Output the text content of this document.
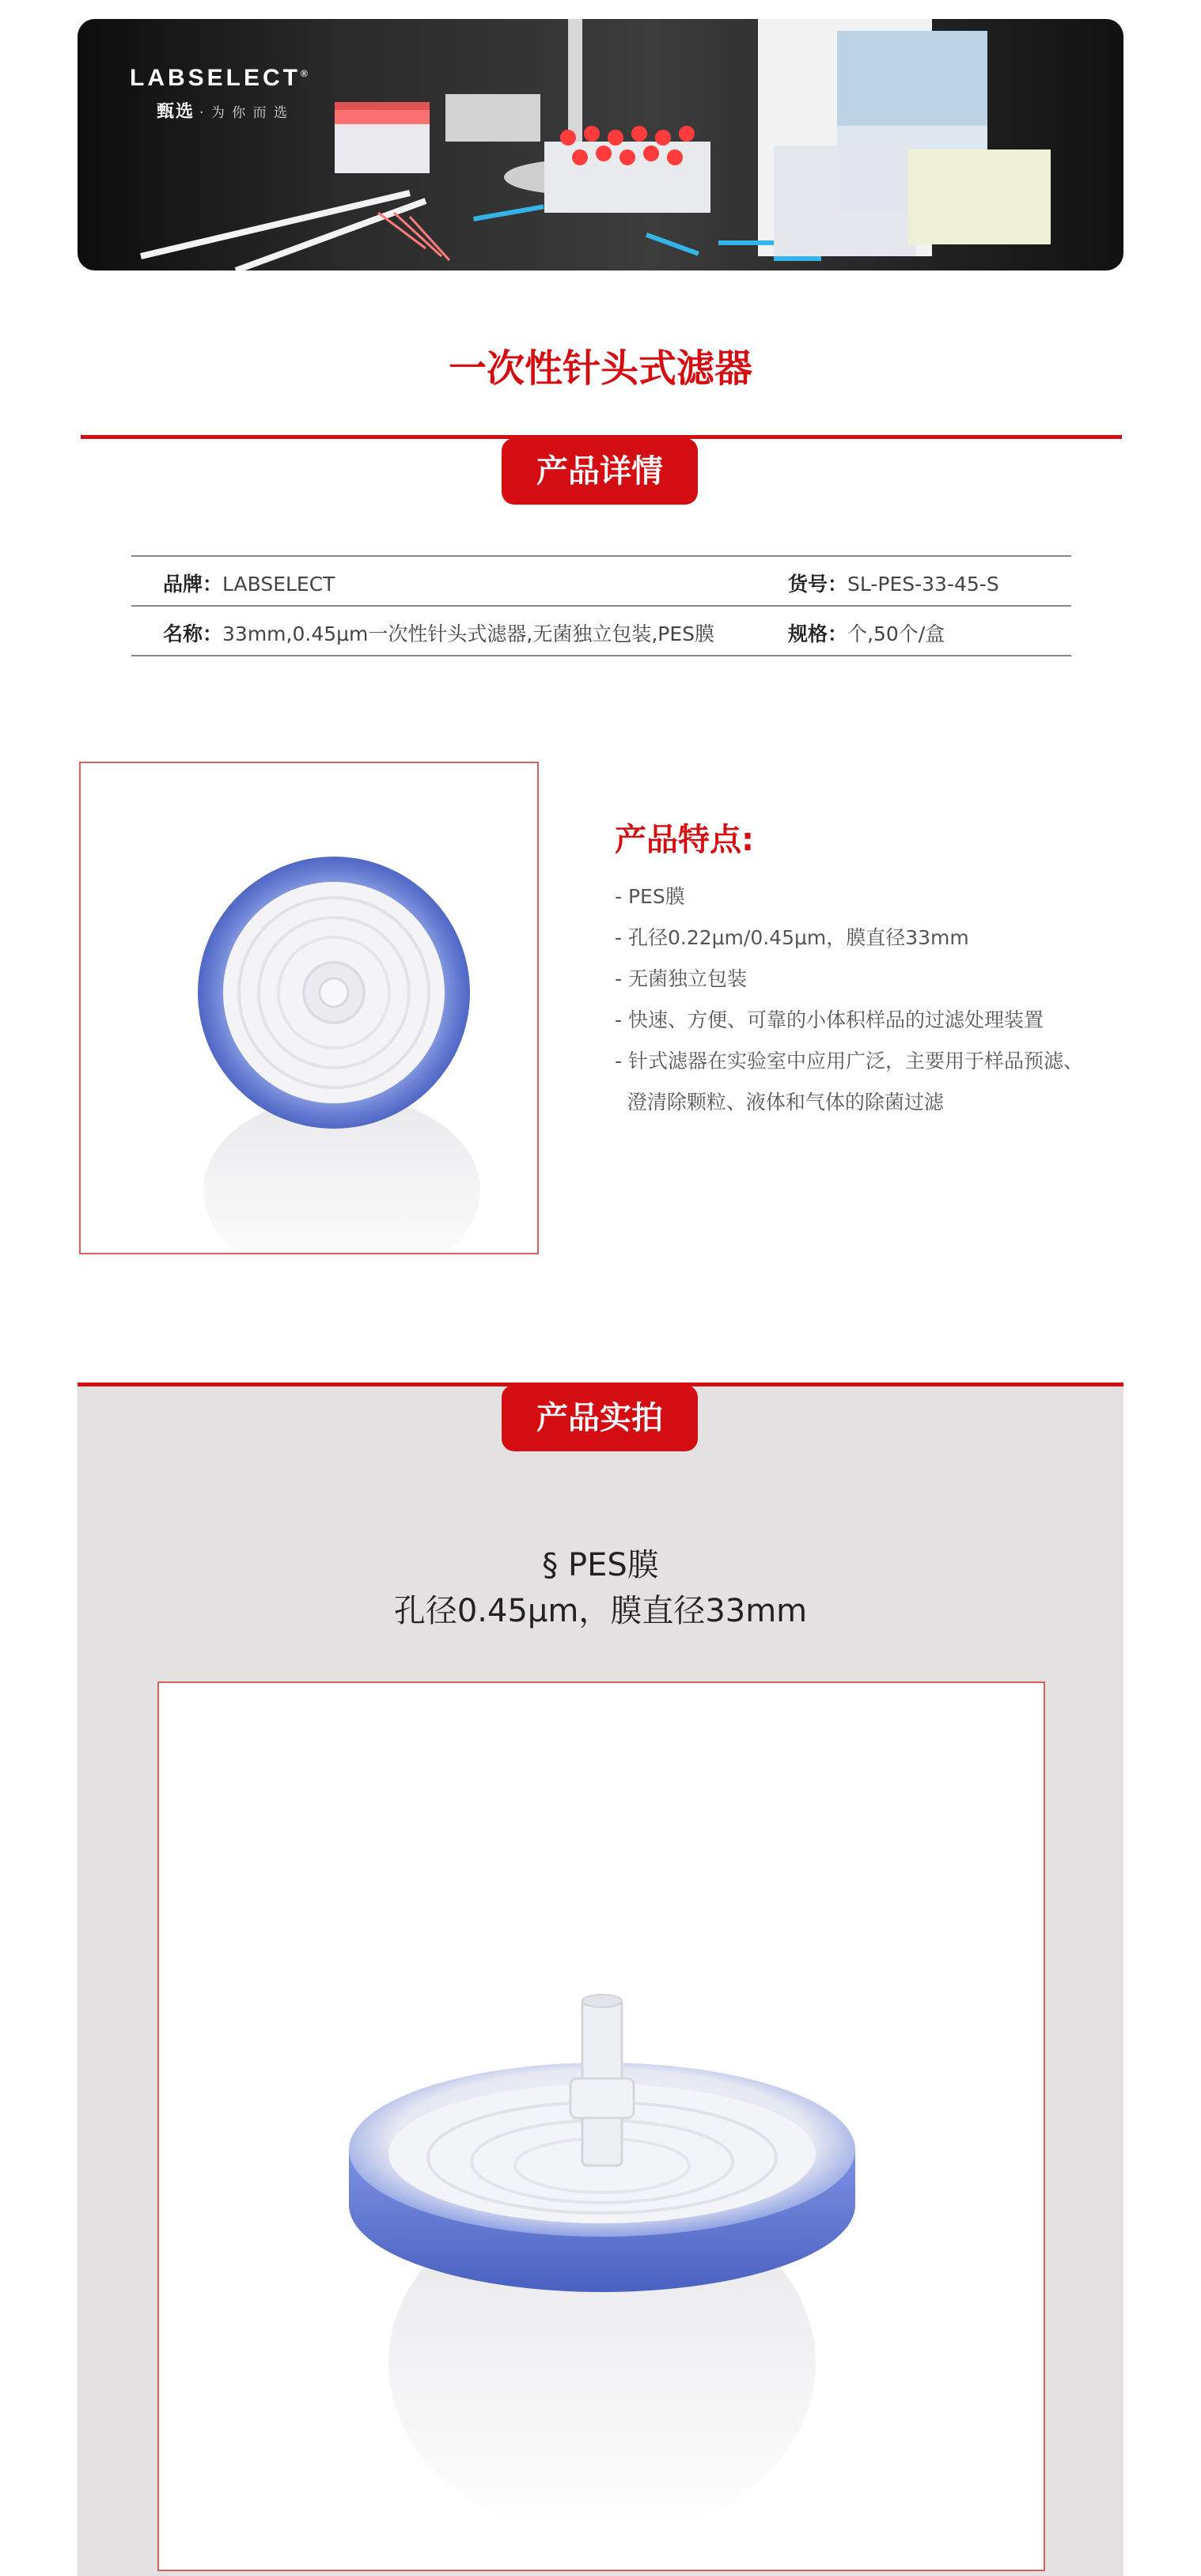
LABSELECT®
甄选 · 为 你 而 选
一次性针头式滤器
产品详情
品牌：LABSELECT	货号：SL-PES-33-45-S
名称：33mm,0.45μm一次性针头式滤器,无菌独立包装,PES膜	规格：个,50个/盒
产品特点:
- PES膜
- 孔径0.22μm/0.45μm，膜直径33mm
- 无菌独立包装
- 快速、方便、可靠的小体积样品的过滤处理装置
- 针式滤器在实验室中应用广泛，主要用于样品预滤、
澄清除颗粒、液体和气体的除菌过滤
产品实拍
§ PES膜
孔径0.45μm，膜直径33mm
